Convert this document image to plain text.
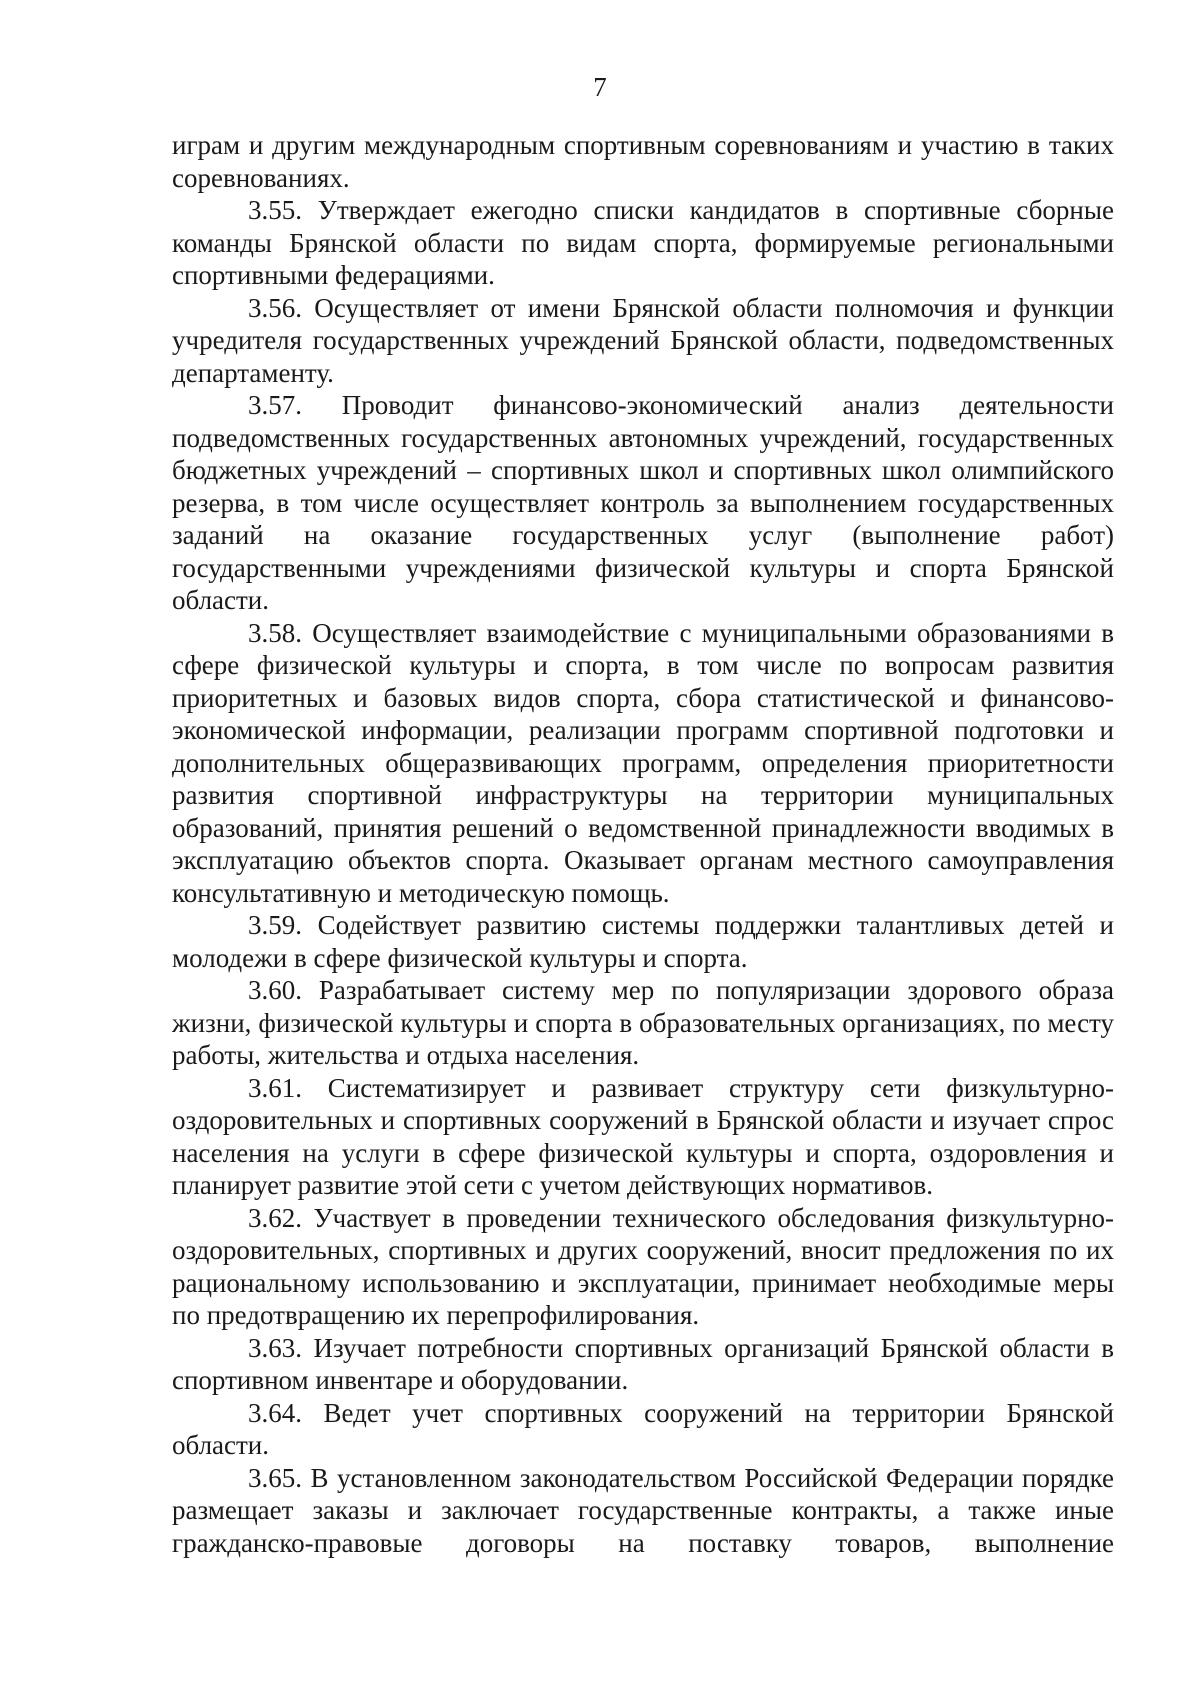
7

играм и другим международным спортивным соревнованиям и участию в таких соревнованиях.

3.55. Утверждает ежегодно списки кандидатов в спортивные сборные команды Брянской области по видам спорта, формируемые региональными спортивными федерациями.

3.56. Осуществляет от имени Брянской области полномочия и функции учредителя государственных учреждений Брянской области, подведомственных департаменту.

3.57. Проводит финансово-экономический анализ деятельности подведомственных государственных автономных учреждений, государственных бюджетных учреждений – спортивных школ и спортивных школ олимпийского резерва, в том числе осуществляет контроль за выполнением государственных заданий на оказание государственных услуг (выполнение работ) государственными учреждениями физической культуры и спорта Брянской области.

3.58. Осуществляет взаимодействие с муниципальными образованиями в сфере физической культуры и спорта, в том числе по вопросам развития приоритетных и базовых видов спорта, сбора статистической и финансово-экономической информации, реализации программ спортивной подготовки и дополнительных общеразвивающих программ, определения приоритетности развития спортивной инфраструктуры на территории муниципальных образований, принятия решений о ведомственной принадлежности вводимых в эксплуатацию объектов спорта. Оказывает органам местного самоуправления консультативную и методическую помощь.

3.59. Содействует развитию системы поддержки талантливых детей и молодежи в сфере физической культуры и спорта.

3.60. Разрабатывает систему мер по популяризации здорового образа жизни, физической культуры и спорта в образовательных организациях, по месту работы, жительства и отдыха населения.

3.61. Систематизирует и развивает структуру сети физкультурно-оздоровительных и спортивных сооружений в Брянской области и изучает спрос населения на услуги в сфере физической культуры и спорта, оздоровления и планирует развитие этой сети с учетом действующих нормативов.

3.62. Участвует в проведении технического обследования физкультурно-оздоровительных, спортивных и других сооружений, вносит предложения по их рациональному использованию и эксплуатации, принимает необходимые меры по предотвращению их перепрофилирования.

3.63. Изучает потребности спортивных организаций Брянской области в спортивном инвентаре и оборудовании.

3.64. Ведет учет спортивных сооружений на территории Брянской области.

3.65. В установленном законодательством Российской Федерации порядке размещает заказы и заключает государственные контракты, а также иные гражданско-правовые договоры на поставку товаров, выполнение
